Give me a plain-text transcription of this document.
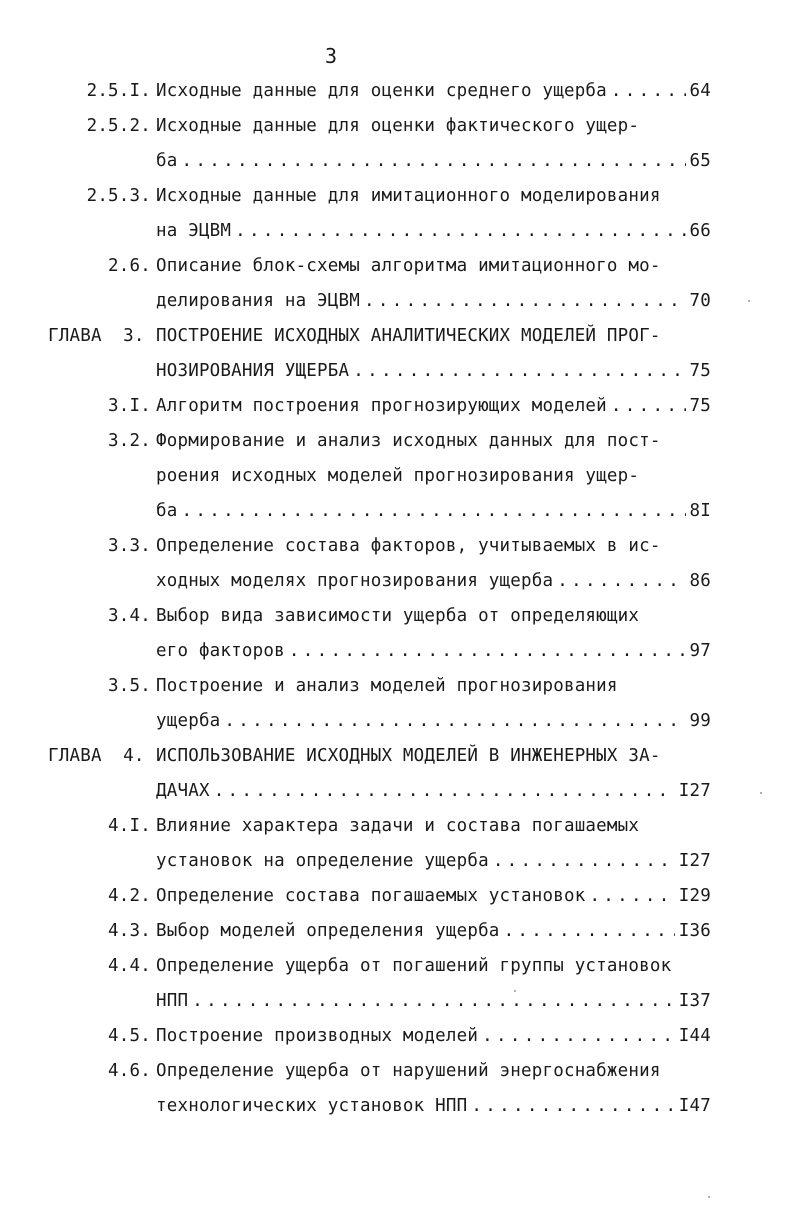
3
2.5.I. Исходные данные для оценки среднего ущерба . . .	64
2.5.2. Исходные данные для оценки фактического ущер-
ба . . .	65
2.5.3. Исходные данные для имитационного моделирования
на ЭЦВМ . . .	66
2.6. Описание блок-схемы алгоритма имитационного мо-
делирования на ЭЦВМ . . .	70
ГЛАВА  3. ПОСТРОЕНИЕ ИСХОДНЫХ АНАЛИТИЧЕСКИХ МОДЕЛЕЙ ПРОГ-
НОЗИРОВАНИЯ УЩЕРБА . . .	75
3.I. Алгоритм построения прогнозирующих моделей . . .	75
3.2. Формирование и анализ исходных данных для пост-
роения исходных моделей прогнозирования ущер-
ба . . .	8I
3.3. Определение состава факторов, учитываемых в ис-
ходных моделях прогнозирования ущерба . . .	86
3.4. Выбор вида зависимости ущерба от определяющих
его факторов . . .	97
3.5. Построение и анализ моделей прогнозирования
ущерба . . .	99
ГЛАВА  4. ИСПОЛЬЗОВАНИЕ ИСХОДНЫХ МОДЕЛЕЙ В ИНЖЕНЕРНЫХ ЗА-
ДАЧАХ . . .	I27
4.I. Влияние характера задачи и состава погашаемых
установок на определение ущерба . . .	I27
4.2. Определение состава погашаемых установок . . .	I29
4.3. Выбор моделей определения ущерба . . .	I36
4.4. Определение ущерба от погашений группы установок
НПП . . .	I37
4.5. Построение производных моделей . . .	I44
4.6. Определение ущерба от нарушений энергоснабжения
технологических установок НПП . . .	I47
